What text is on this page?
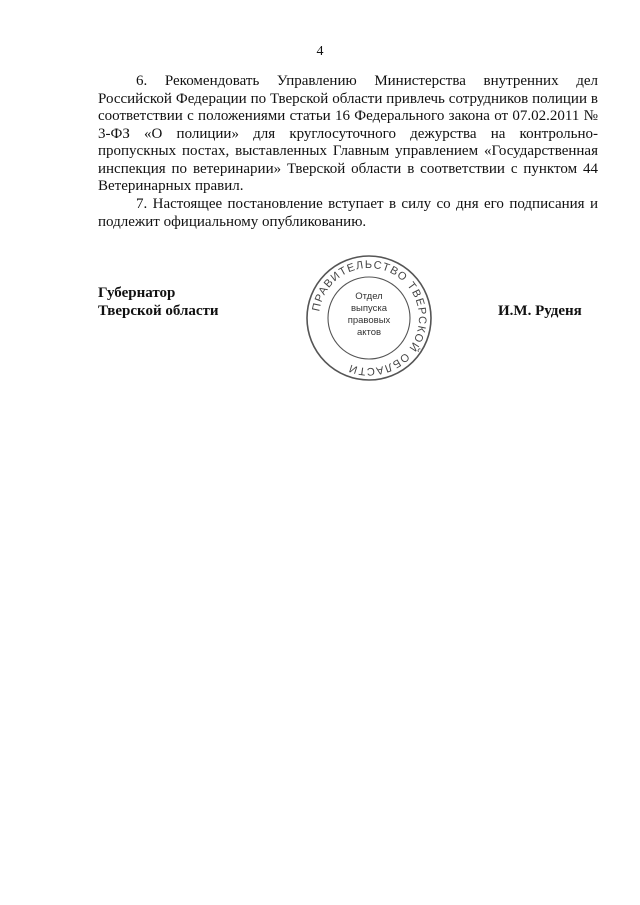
4

6. Рекомендовать Управлению Министерства внутренних дел Российской Федерации по Тверской области привлечь сотрудников полиции в соответствии с положениями статьи 16 Федерального закона от 07.02.2011 № 3-ФЗ «О полиции» для круглосуточного дежурства на контрольно-пропускных постах, выставленных Главным управлением «Государственная инспекция по ветеринарии» Тверской области в соответствии с пунктом 44 Ветеринарных правил.

7. Настоящее постановление вступает в силу со дня его подписания и подлежит официальному опубликованию.

Губернатор
Тверской области	ПРАВИТЕЛЬСТВО ТВЕРСКОЙ ОБЛАСТИ
Отдел
выпуска
правовых
актов
И.М. Руденя
